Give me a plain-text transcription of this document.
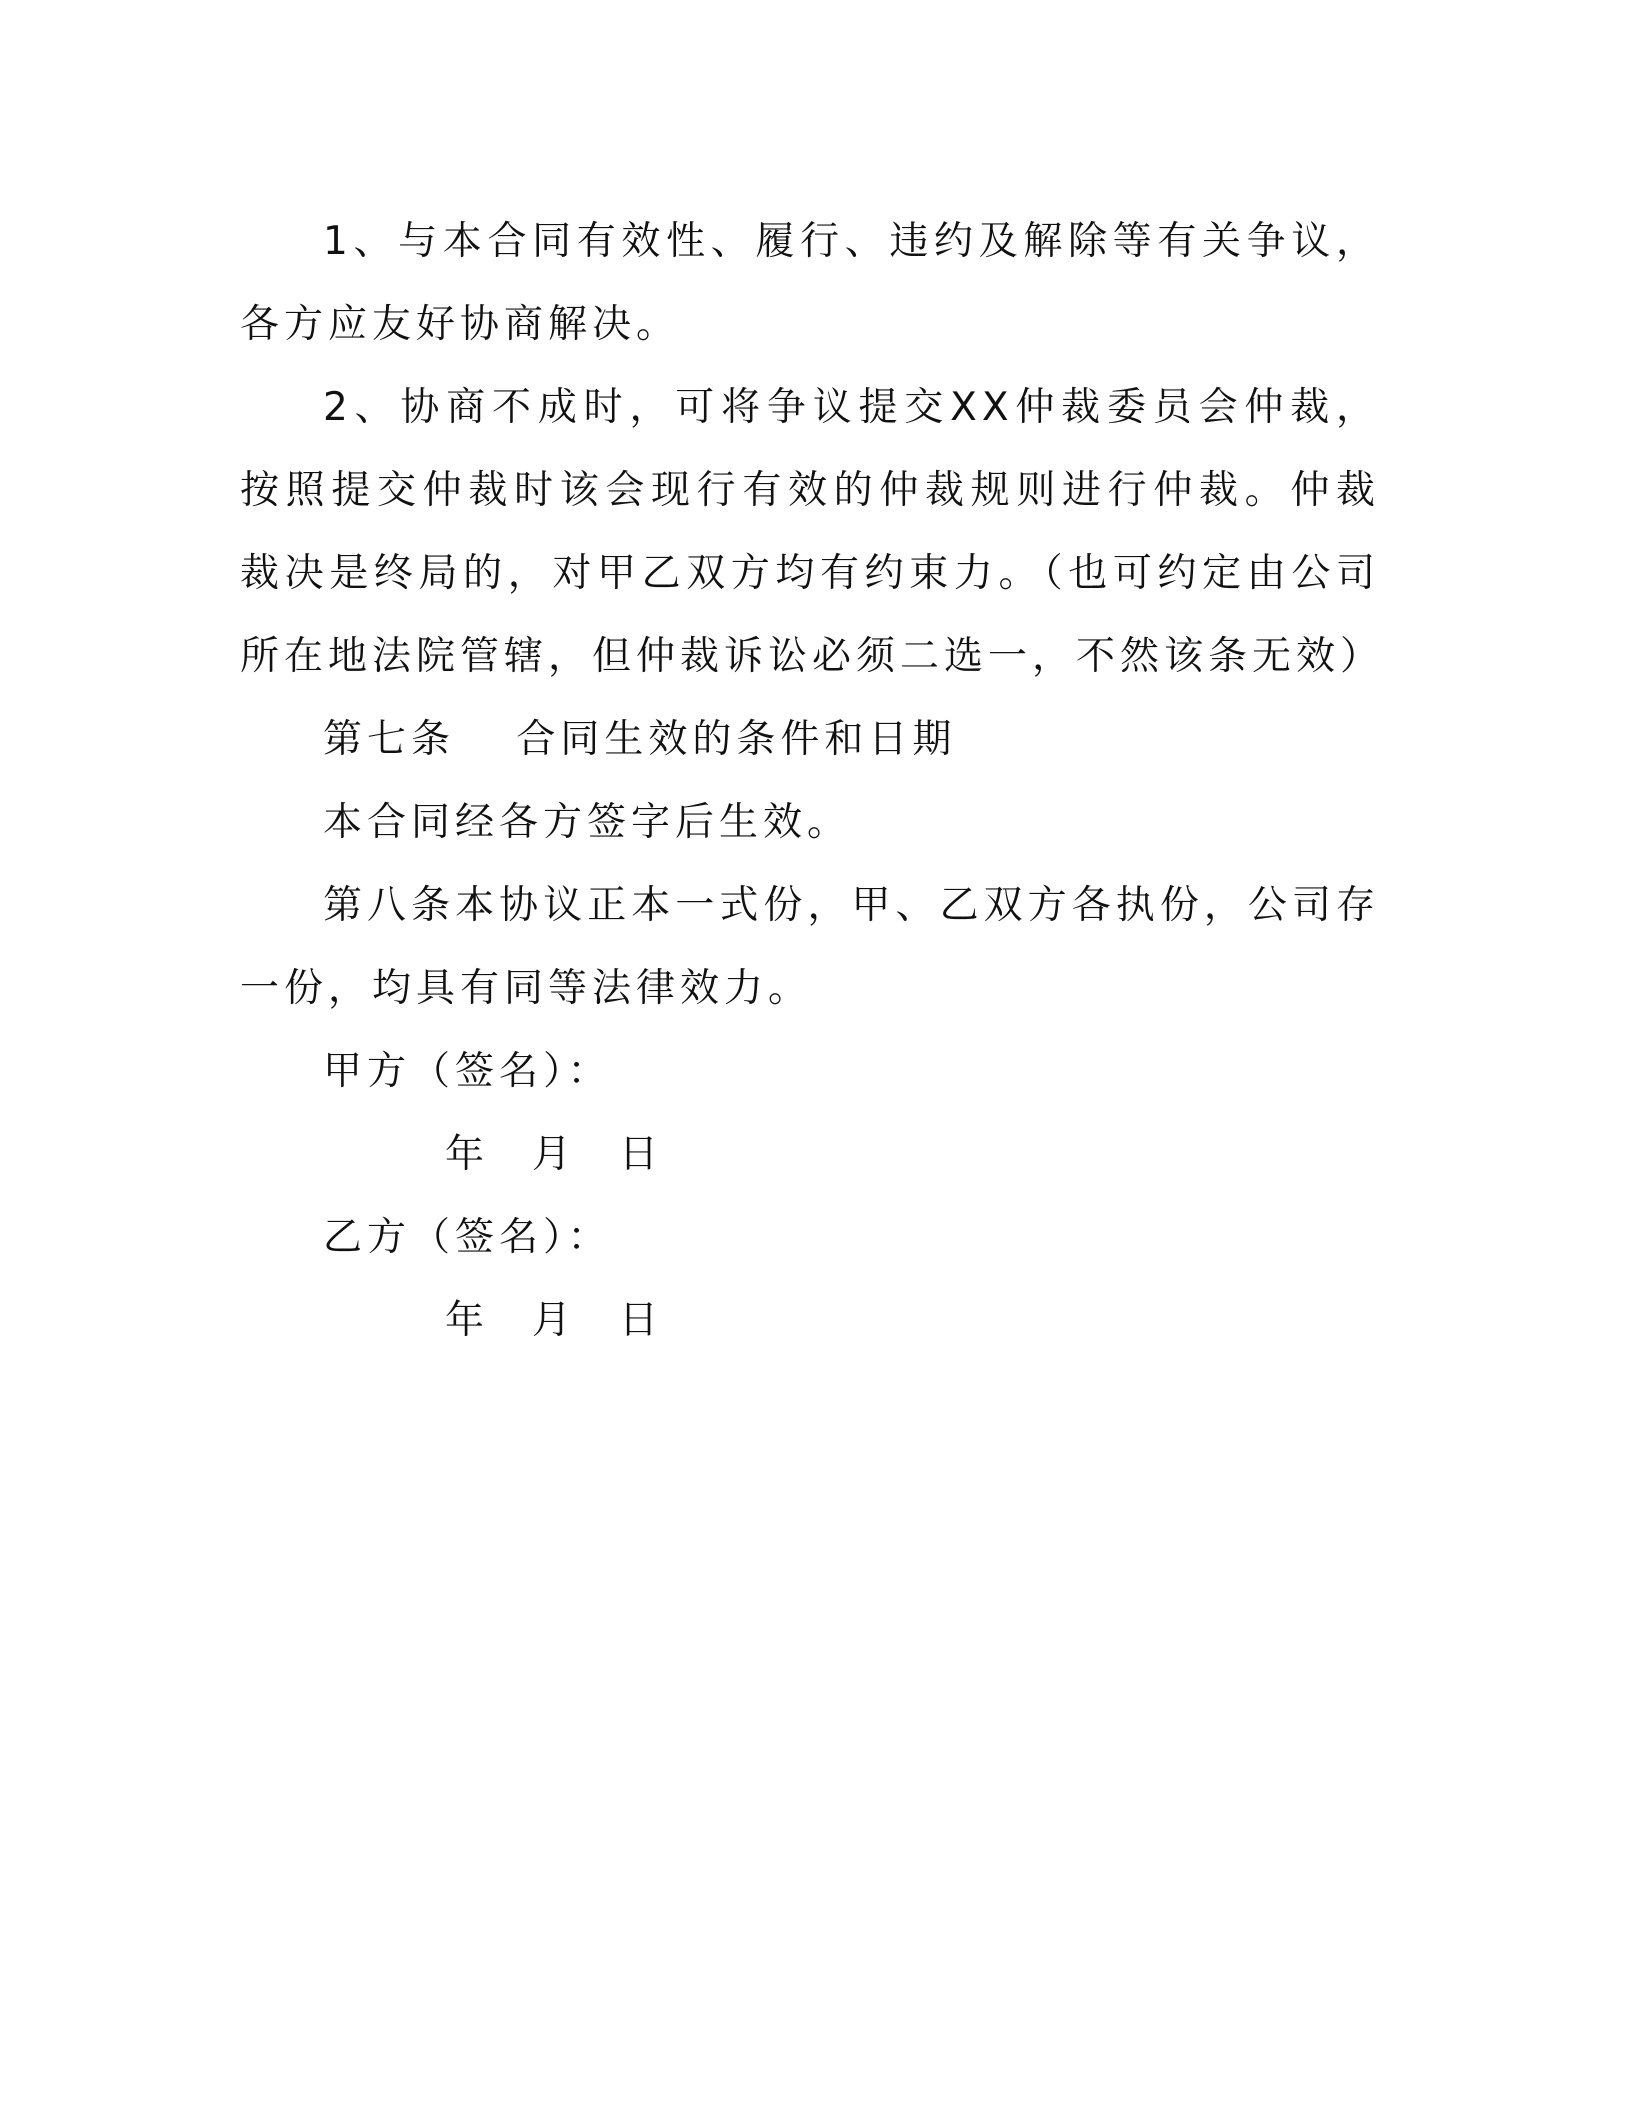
1、与本合同有效性、履行、违约及解除等有关争议，各方应友好协商解决。

2、协商不成时，可将争议提交XX仲裁委员会仲裁，按照提交仲裁时该会现行有效的仲裁规则进行仲裁。仲裁裁决是终局的，对甲乙双方均有约束力。（也可约定由公司所在地法院管辖，但仲裁诉讼必须二选一，不然该条无效）

第七条　 合同生效的条件和日期

本合同经各方签字后生效。

第八条本协议正本一式份，甲、乙双方各执份，公司存一份，均具有同等法律效力。

甲方（签名）：

年 月 日

乙方（签名）：

年 月 日
